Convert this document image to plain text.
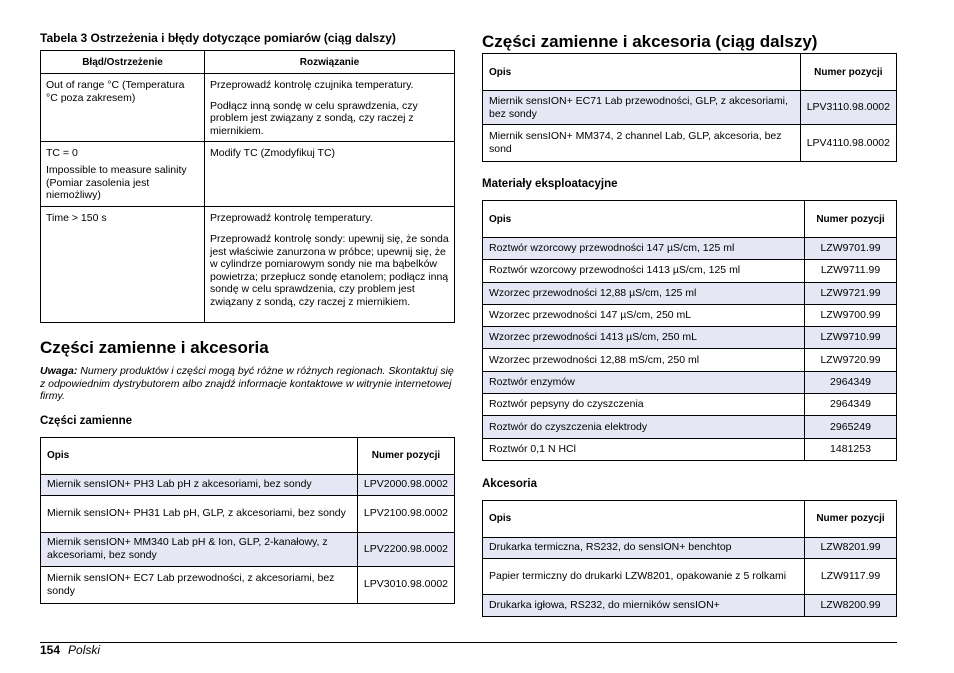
Tabela 3 Ostrzeżenia i błędy dotyczące pomiarów (ciąg dalszy)
Błąd/Ostrzeżenie	Rozwiązanie

Out of range °C (Temperatura °C poza zakresem)	Przeprowadź kontrolę czujnika temperatury.

Podłącz inną sondę w celu sprawdzenia, czy problem jest związany z sondą, czy raczej z miernikiem.

TC = 0

Impossible to measure salinity (Pomiar zasolenia jest niemożliwy)	Modify TC (Zmodyfikuj TC)

Time > 150 s	Przeprowadź kontrolę temperatury.

Przeprowadź kontrolę sondy: upewnij się, że sonda jest właściwie zanurzona w próbce; upewnij się, że w cylindrze pomiarowym sondy nie ma bąbelków powietrza; przepłucz sondę etanolem; podłącz inną sondę w celu sprawdzenia, czy problem jest związany z sondą, czy raczej z miernikiem.

Części zamienne i akcesoria

Uwaga: Numery produktów i części mogą być różne w różnych regionach. Skontaktuj się z odpowiednim dystrybutorem albo znajdź informacje kontaktowe w witrynie internetowej firmy.

Części zamienne
Opis	Numer pozycji
Miernik sensION+ PH3 Lab pH z akcesoriami, bez sondy	LPV2000.98.0002
Miernik sensION+ PH31 Lab pH, GLP, z akcesoriami, bez sondy	LPV2100.98.0002
Miernik sensION+ MM340 Lab pH & Ion, GLP, 2-kanałowy, z akcesoriami, bez sondy	LPV2200.98.0002
Miernik sensION+ EC7 Lab przewodności, z akcesoriami, bez sondy	LPV3010.98.0002
Części zamienne i akcesoria (ciąg dalszy)
Opis	Numer pozycji
Miernik sensION+ EC71 Lab przewodności, GLP, z akcesoriami, bez sondy	LPV3110.98.0002
Miernik sensION+ MM374, 2 channel Lab, GLP, akcesoria, bez sond	LPV4110.98.0002
Materiały eksploatacyjne
Opis	Numer pozycji
Roztwór wzorcowy przewodności 147 µS/cm, 125 ml	LZW9701.99
Roztwór wzorcowy przewodności 1413 µS/cm, 125 ml	LZW9711.99
Wzorzec przewodności 12,88 µS/cm, 125 ml	LZW9721.99
Wzorzec przewodności 147 µS/cm, 250 mL	LZW9700.99
Wzorzec przewodności 1413 µS/cm, 250 mL	LZW9710.99
Wzorzec przewodności 12,88 mS/cm, 250 ml	LZW9720.99
Roztwór enzymów	2964349
Roztwór pepsyny do czyszczenia	2964349
Roztwór do czyszczenia elektrody	2965249
Roztwór 0,1 N HCl	1481253
Akcesoria
Opis	Numer pozycji
Drukarka termiczna, RS232, do sensION+ benchtop	LZW8201.99
Papier termiczny do drukarki LZW8201, opakowanie z 5 rolkami	LZW9117.99
Drukarka igłowa, RS232, do mierników sensION+	LZW8200.99
154 Polski
